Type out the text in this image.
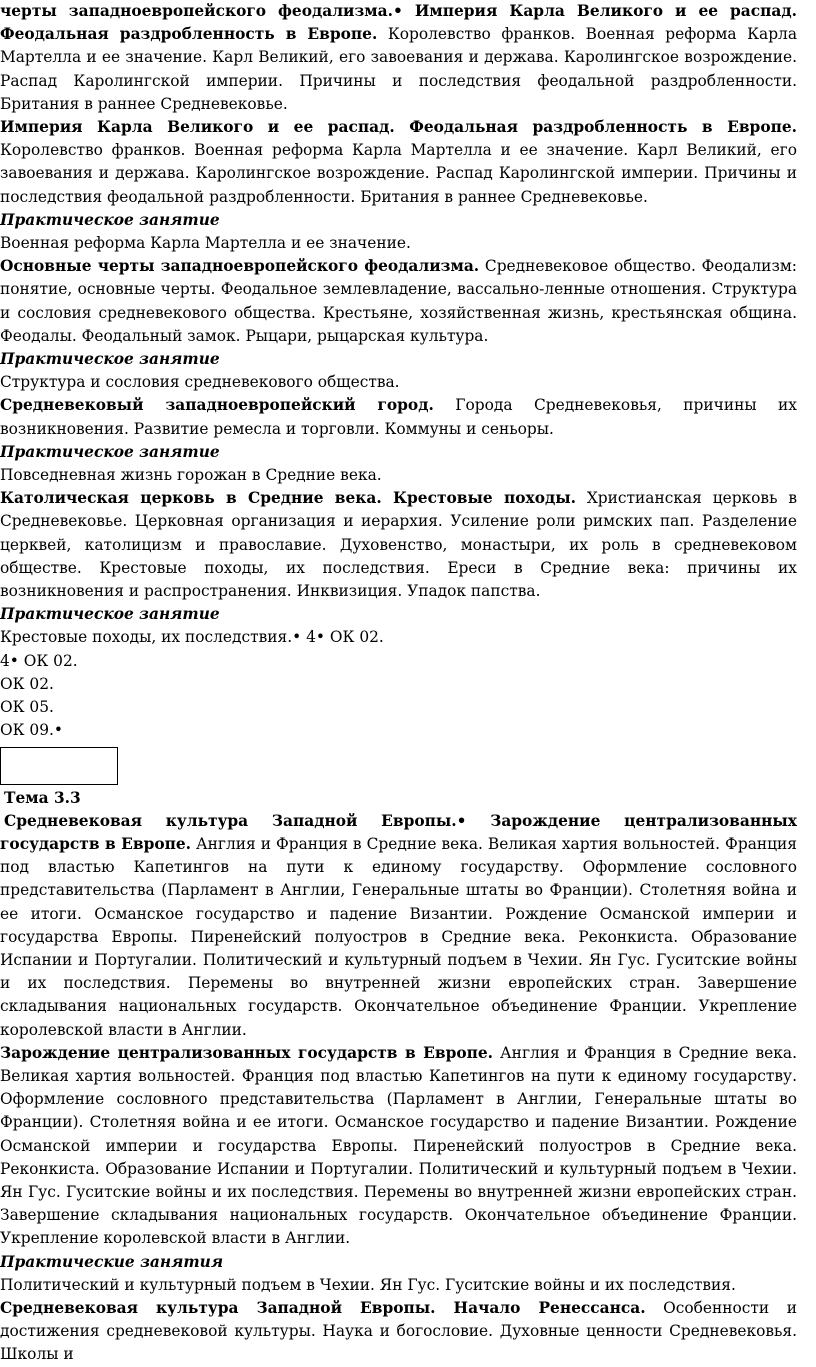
черты западноевропейского феодализма.• Империя Карла Великого и ее распад. Феодальная раздробленность в Европе. Королевство франков. Военная реформа Карла Мартелла и ее значение. Карл Великий, его завоевания и держава. Каролингское возрождение. Распад Каролингской империи. Причины и последствия феодальной раздробленности. Британия в раннее Средневековье.

Империя Карла Великого и ее распад. Феодальная раздробленность в Европе. Королевство франков. Военная реформа Карла Мартелла и ее значение. Карл Великий, его завоевания и держава. Каролингское возрождение. Распад Каролингской империи. Причины и последствия феодальной раздробленности. Британия в раннее Средневековье.

Практическое занятие

Военная реформа Карла Мартелла и ее значение.

Основные черты западноевропейского феодализма. Средневековое общество. Феодализм: понятие, основные черты. Феодальное землевладение, вассально-ленные отношения. Структура и сословия средневекового общества. Крестьяне, хозяйственная жизнь, крестьянская община. Феодалы. Феодальный замок. Рыцари, рыцарская культура.

Практическое занятие

Структура и сословия средневекового общества.

Средневековый западноевропейский город. Города Средневековья, причины их возникновения. Развитие ремесла и торговли. Коммуны и сеньоры.

Практическое занятие

Повседневная жизнь горожан в Средние века.

Католическая церковь в Средние века. Крестовые походы. Христианская церковь в Средневековье. Церковная организация и иерархия. Усиление роли римских пап. Разделение церквей, католицизм и православие. Духовенство, монастыри, их роль в средневековом обществе. Крестовые походы, их последствия. Ереси в Средние века: причины их возникновения и распространения. Инквизиция. Упадок папства.

Практическое занятие

Крестовые походы, их последствия.• 4• ОК 02.

4• ОК 02.

ОК 02.

ОК 05.

ОК 09.•

Тема 3.3

Средневековая культура Западной Европы.• Зарождение централизованных государств в Европе. Англия и Франция в Средние века. Великая хартия вольностей. Франция под властью Капетингов на пути к единому государству. Оформление сословного представительства (Парламент в Англии, Генеральные штаты во Франции). Столетняя война и ее итоги. Османское государство и падение Византии. Рождение Османской империи и государства Европы. Пиренейский полуостров в Средние века. Реконкиста. Образование Испании и Португалии. Политический и культурный подъем в Чехии. Ян Гус. Гуситские войны и их последствия. Перемены во внутренней жизни европейских стран. Завершение складывания национальных государств. Окончательное объединение Франции. Укрепление королевской власти в Англии.

Зарождение централизованных государств в Европе. Англия и Франция в Средние века. Великая хартия вольностей. Франция под властью Капетингов на пути к единому государству. Оформление сословного представительства (Парламент в Англии, Генеральные штаты во Франции). Столетняя война и ее итоги. Османское государство и падение Византии. Рождение Османской империи и государства Европы. Пиренейский полуостров в Средние века. Реконкиста. Образование Испании и Португалии. Политический и культурный подъем в Чехии. Ян Гус. Гуситские войны и их последствия. Перемены во внутренней жизни европейских стран. Завершение складывания национальных государств. Окончательное объединение Франции. Укрепление королевской власти в Англии.

Практические занятия

Политический и культурный подъем в Чехии. Ян Гус. Гуситские войны и их последствия.

Средневековая культура Западной Европы. Начало Ренессанса. Особенности и достижения средневековой культуры. Наука и богословие. Духовные ценности Средневековья. Школы и
